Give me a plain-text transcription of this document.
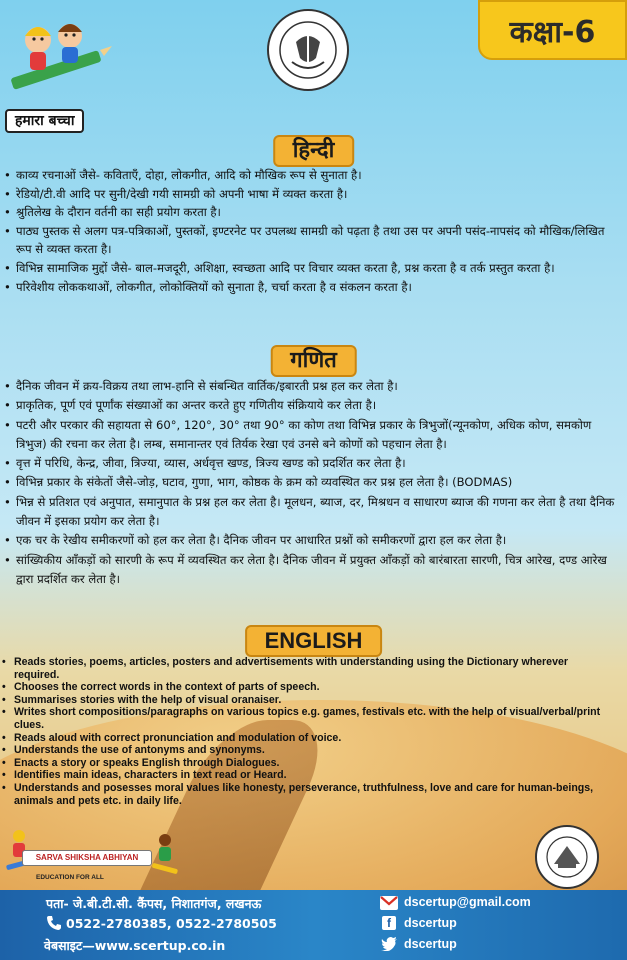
कक्षा-6
हमारा बच्चा
हिन्दी
• काव्य रचनाओं जैसे- कविताएँ, दोहा, लोकगीत, आदि को मौखिक रूप से सुनाता है।
• रेडियो/टी.वी आदि पर सुनी/देखी गयी सामग्री को अपनी भाषा में व्यक्त करता है।
• श्रुतिलेख के दौरान वर्तनी का सही प्रयोग करता है।
• पाठ्य पुस्तक से अलग पत्र-पत्रिकाओं, पुस्तकों, इण्टरनेट पर उपलब्ध सामग्री को पढ़ता है तथा उस पर अपनी पसंद-नापसंद को मौखिक/लिखित रूप से व्यक्त करता है।
• विभिन्न सामाजिक मुद्दों जैसे- बाल-मजदूरी, अशिक्षा, स्वच्छता आदि पर विचार व्यक्त करता है, प्रश्न करता है व तर्क प्रस्तुत करता है।
• परिवेशीय लोककथाओं, लोकगीत, लोकोक्तियों को सुनाता है, चर्चा करता है व संकलन करता है।
गणित
• दैनिक जीवन में क्रय-विक्रय तथा लाभ-हानि से संबन्धित वार्तिक/इबारती प्रश्न हल कर लेता है।
• प्राकृतिक, पूर्ण एवं पूर्णांक संख्याओं का अन्तर करते हुए गणितीय संक्रियाये कर लेता है।
• पटरी और परकार की सहायता से 60°, 120°, 30° तथा 90° का कोण तथा विभिन्न प्रकार के त्रिभुजों(न्यूनकोण, अधिक कोण, समकोण त्रिभुज) की रचना कर लेता है। लम्ब, समानान्तर एवं तिर्यक रेखा एवं उनसे बने कोणों को पहचान लेता है।
• वृत्त में परिधि, केन्द्र, जीवा, त्रिज्या, व्यास, अर्धवृत्त खण्ड, त्रिज्य खण्ड को प्रदर्शित कर लेता है।
• विभिन्न प्रकार के संकेतों जैसे-जोड़, घटाव, गुणा, भाग, कोष्ठक के क्रम को व्यवस्थित कर प्रश्न हल लेता है। (BODMAS)
• भिन्न से प्रतिशत एवं अनुपात, समानुपात के प्रश्न हल कर लेता है। मूलधन, ब्याज, दर, मिश्रधन व साधारण ब्याज की गणना कर लेता है तथा दैनिक जीवन में इसका प्रयोग कर लेता है।
• एक चर के रेखीय समीकरणों को हल कर लेता है। दैनिक जीवन पर आधारित प्रश्नों को समीकरणों द्वारा हल कर लेता है।
• सांख्यिकीय आँकड़ों को सारणी के रूप में व्यवस्थित कर लेता है। दैनिक जीवन में प्रयुक्त आँकड़ों को बारंबारता सारणी, चित्र आरेख, दण्ड आरेख द्वारा प्रदर्शित कर लेता है।
ENGLISH
• Reads stories, poems, articles, posters and advertisements with understanding using the Dictionary wherever required.
• Chooses the correct words in the context of parts of speech.
• Summarises stories with the help of visual oranaiser.
• Writes short compositions/paragraphs on various topics e.g. games, festivals etc. with the help of visual/verbal/print clues.
• Reads aloud with correct pronunciation and modulation of voice.
• Understands the use of antonyms and synonyms.
• Enacts a story or speaks English through Dialogues.
• Identifies main ideas, characters in text read or Heard.
• Understands and posesses moral values like honesty, perseverance, truthfulness, love and care for human-beings, animals and pets etc. in daily life.
SARVA SHIKSHA ABHIYAN
EDUCATION FOR ALL
पता- जे.बी.टी.सी. कैंपस, निशातगंज, लखनऊ
0522-2780385, 0522-2780505
वेबसाइट—www.scertup.co.in
dscertup@gmail.com
f	dscertup
dscertup
